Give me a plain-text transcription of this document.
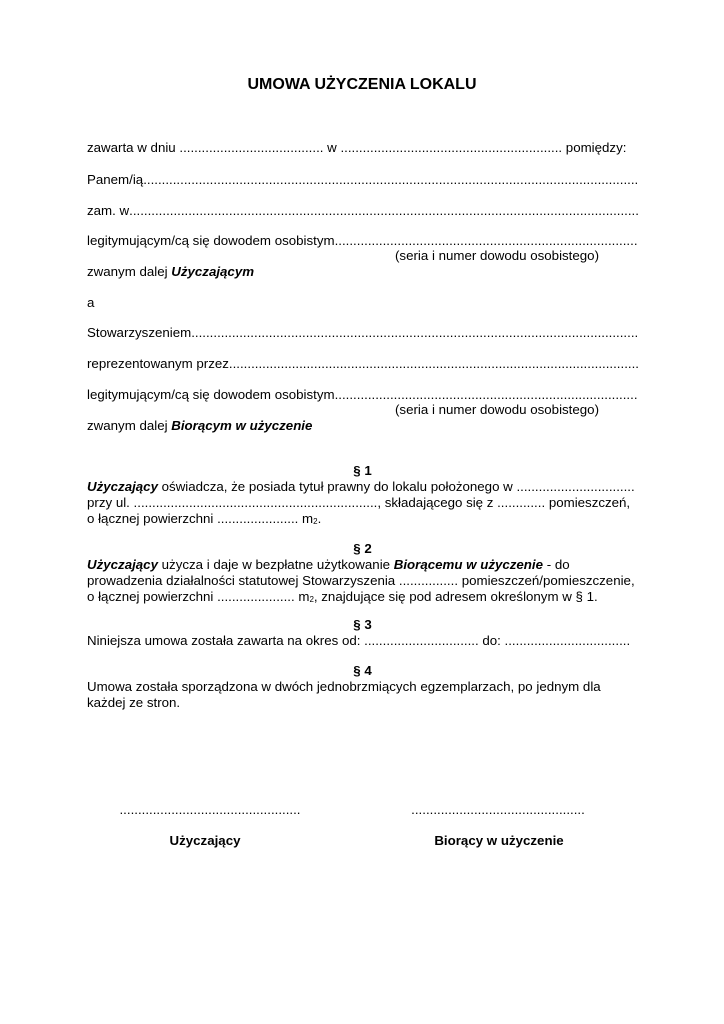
UMOWA UŻYCZENIA LOKALU
zawarta w dniu ....................................... w ............................................................ pomiędzy:
Panem/ią
.....
zam. w
.....
legitymującym/cą się dowodem osobistym
.....
(seria i numer dowodu osobistego)
zwanym dalej Użyczającym
a
Stowarzyszeniem
.....
reprezentowanym przez
.....
legitymującym/cą się dowodem osobistym
.....
(seria i numer dowodu osobistego)
zwanym dalej Biorącym w użyczenie
§ 1
Użyczający oświadcza, że posiada tytuł prawny do lokalu położonego w ................................
przy ul. .................................................................., składającego się z ............. pomieszczeń,
o łącznej powierzchni ...................... $m_2$.
§ 2
Użyczający użycza i daje w bezpłatne użytkowanie Biorącemu w użyczenie - do
prowadzenia działalności statutowej Stowarzyszenia ................ pomieszczeń/pomieszczenie,
o łącznej powierzchni ..................... $m_2$, znajdujące się pod adresem określonym w § 1.
§ 3
Niniejsza umowa została zawarta na okres od: ............................... do: ..................................
§ 4
Umowa została sporządzona w dwóch jednobrzmiących egzemplarzach, po jednym dla
każdej ze stron.
.................................................
Użyczający
...............................................
Biorący w użyczenie
